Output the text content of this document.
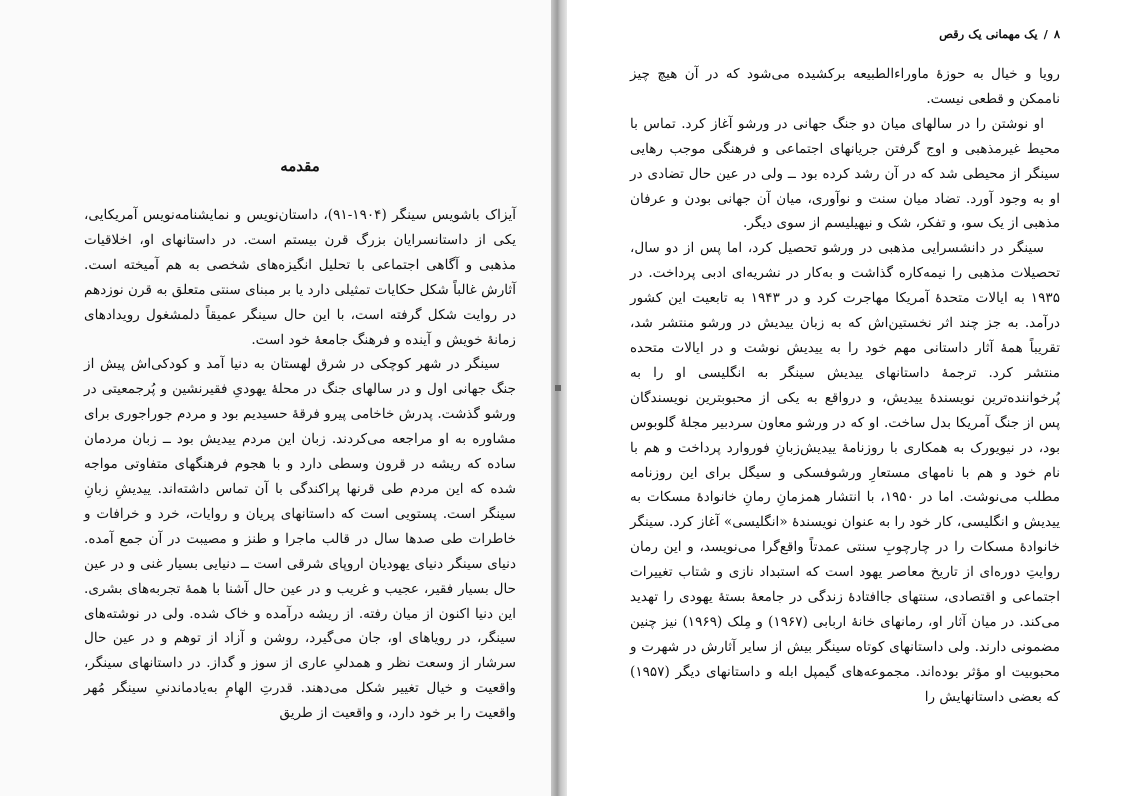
مقدمه

آیزاک باشویس سینگر (۱۹۰۴-۹۱)، داستان‌نویس و نمایشنامه‌نویس آمریکایی، یکی از داستانسرایان بزرگ قرن بیستم است. در داستانهای او، اخلاقیات مذهبی و آگاهی اجتماعی با تحلیل انگیزه‌های شخصی به هم آمیخته است. آثارش غالباً شکل حکایات تمثیلی دارد یا بر مبنای سنتی متعلق به قرن نوزدهم در روایت شکل گرفته است، با این حال سینگر عمیقاً دلمشغول رویدادهای زمانهٔ خویش و آینده و فرهنگ جامعهٔ خود است.

سینگر در شهر کوچکی در شرق لهستان به دنیا آمد و کودکی‌اش پیش از جنگ جهانی اول و در سالهای جنگ در محلهٔ یهودیِ فقیرنشین و پُرجمعیتی در ورشو گذشت. پدرش خاخامی پیرو فرقهٔ حسیدیم بود و مردم جوراجوری برای مشاوره به او مراجعه می‌کردند. زبان این مردم ییدیش بود ــ زبان مردمان ساده که ریشه در قرون وسطی دارد و با هجوم فرهنگهای متفاوتی مواجه شده که این مردم طی قرنها پراکندگی با آن تماس داشته‌اند. ییدیشِ زبانِ سینگر است. پستویی است که داستانهای پریان و روایات، خرد و خرافات و خاطرات طی صدها سال در قالب ماجرا و طنز و مصیبت در آن جمع آمده. دنیای سینگر دنیای یهودیان اروپای شرقی است ــ دنیایی بسیار غنی و در عین حال بسیار فقیر، عجیب و غریب و در عین حال آشنا با همهٔ تجربه‌های بشری. این دنیا اکنون از میان رفته. از ریشه درآمده و خاک شده. ولی در نوشته‌های سینگر، در رویاهای او، جان می‌گیرد، روشن و آزاد از توهم و در عین حال سرشار از وسعت نظر و همدلیِ عاری از سوز و گداز. در داستانهای سینگر، واقعیت و خیال تغییر شکل می‌دهند. قدرتِ الهامِ به‌یادماندنیِ سینگر مُهر واقعیت را بر خود دارد، و واقعیت از طریق

۸/یک مهمانی یک رقص

رویا و خیال به حوزهٔ ماوراءالطبیعه برکشیده می‌شود که در آن هیچ چیز ناممکن و قطعی نیست.

او نوشتن را در سالهای میان دو جنگ جهانی در ورشو آغاز کرد. تماس با محیط غیرمذهبی و اوج گرفتن جریانهای اجتماعی و فرهنگی موجب رهایی سینگر از محیطی شد که در آن رشد کرده بود ــ ولی در عین حال تضادی در او به وجود آورد. تضاد میان سنت و نوآوری، میان آن جهانی بودن و عرفان مذهبی از یک سو، و تفکر، شک و نیهیلیسم از سوی دیگر.

سینگر در دانشسرایی مذهبی در ورشو تحصیل کرد، اما پس از دو سال، تحصیلات مذهبی را نیمه‌کاره گذاشت و به‌کار در نشریه‌ای ادبی پرداخت. در ۱۹۳۵ به ایالات متحدهٔ آمریکا مهاجرت کرد و در ۱۹۴۳ به تابعیت این کشور درآمد. به جز چند اثر نخستین‌اش که به زبان ییدیش در ورشو منتشر شد، تقریباً همهٔ آثار داستانی مهم خود را به ییدیش نوشت و در ایالات متحده منتشر کرد. ترجمهٔ داستانهای ییدیش سینگر به انگلیسی او را به پُرخواننده‌ترین نویسندهٔ ییدیش، و درواقع به یکی از محبوبترین نویسندگان پس از جنگ آمریکا بدل ساخت. او که در ورشو معاون سردبیر مجلهٔ گلوبوس بود، در نیویورک به همکاری با روزنامهٔ ییدیش‌زبانِ فوروارد پرداخت و هم با نام خود و هم با نامهای مستعارِ ورشوفسکی و سیگل برای این روزنامه مطلب می‌نوشت. اما در ۱۹۵۰، با انتشار همزمانِ رمانِ خانوادهٔ مسکات به ییدیش و انگلیسی، کار خود را به عنوان نویسندهٔ «انگلیسی» آغاز کرد. سینگر خانوادهٔ مسکات را در چارچوبِ سنتی عمدتاً واقع‌گرا می‌نویسد، و این رمان روایتِ دوره‌ای از تاریخ معاصر یهود است که استبداد نازی و شتاب تغییرات اجتماعی و اقتصادی، سنتهای جاافتادهٔ زندگی در جامعهٔ بستهٔ یهودی را تهدید می‌کند. در میان آثار او، رمانهای خانهٔ اربابی (۱۹۶۷) و مِلک (۱۹۶۹) نیز چنین مضمونی دارند. ولی داستانهای کوتاه سینگر بیش از سایر آثارش در شهرت و محبوبیت او مؤثر بوده‌اند. مجموعه‌های گیمپل ابله و داستانهای دیگر (۱۹۵۷) که بعضی داستانهایش را
